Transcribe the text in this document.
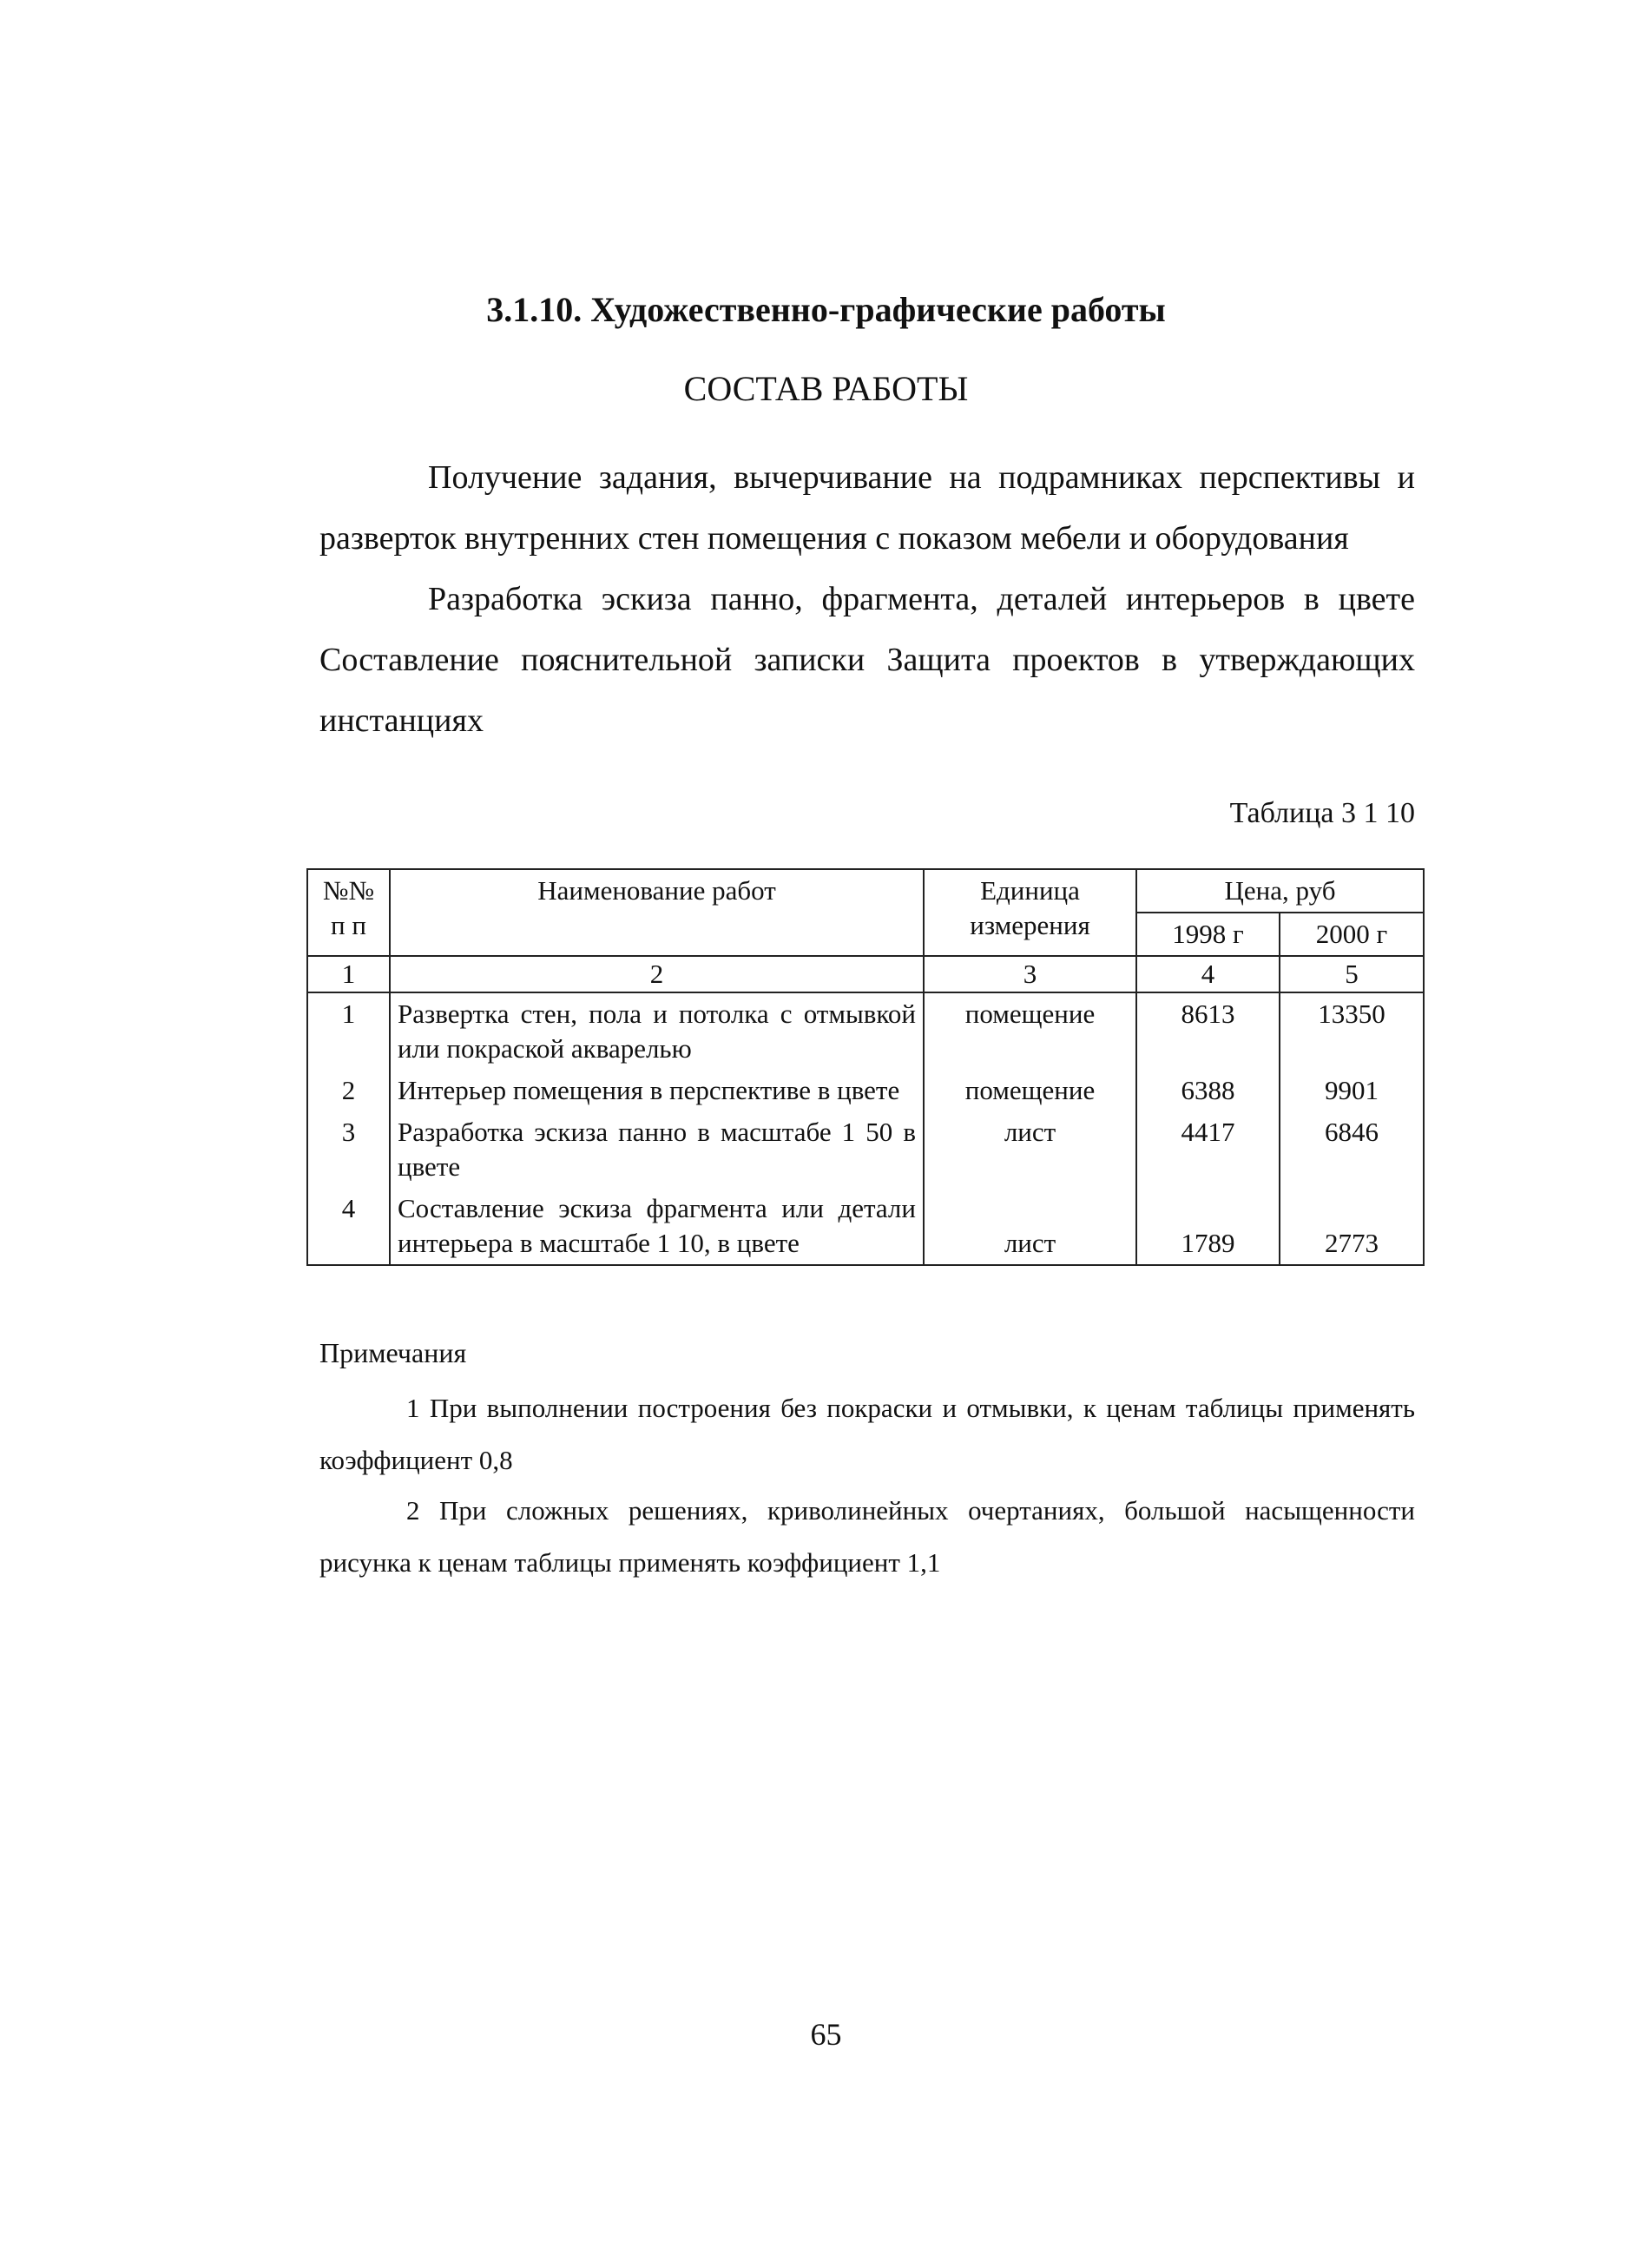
3.1.10. Художественно-графические работы
СОСТАВ РАБОТЫ
Получение задания, вычерчивание на подрамниках перспективы и разверток внутренних стен помещения с показом мебели и оборудования
Разработка эскиза панно, фрагмента, деталей интерьеров в цвете Составление пояснительной записки Защита проектов в утверждающих инстанциях
Таблица 3 1 10
№№ п п	Наименование работ	Единица измерения	Цена, руб	
			1998 г	2000 г
1	2	3	4	5
1	Развертка стен, пола и потолка с отмывкой или покраской акварелью	помещение	8613	13350
2	Интерьер помещения в перспективе в цвете	помещение	6388	9901
3	Разработка эскиза панно в масштабе 1 50 в цвете	лист	4417	6846
4	Составление эскиза фрагмента или детали интерьера в масштабе 1 10, в цвете	лист	1789	2773
Примечания
1 При выполнении построения без покраски и отмывки, к ценам таблицы применять коэффициент 0,8
2 При сложных решениях, криволинейных очертаниях, большой насыщенности рисунка к ценам таблицы применять коэффициент 1,1
65
